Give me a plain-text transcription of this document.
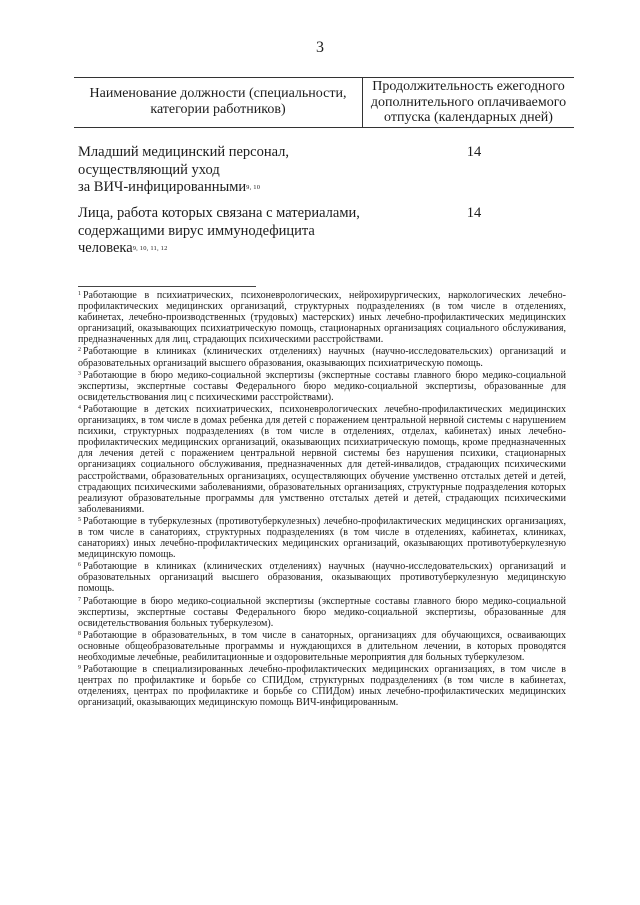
3
Наименование должности (специальности, категории работников)
Продолжительность ежегодного дополнительного оплачиваемого отпуска (календарных дней)
Младший медицинский персонал,
осуществляющий уход
за ВИЧ-инфицированными9, 10
14
Лица, работа которых связана с материалами,
содержащими вирус иммунодефицита
человека9, 10, 11, 12
14

$^1$ Работающие в психиатрических, психоневрологических, нейрохирургических, наркологических лечебно-профилактических медицинских организаций, структурных подразделениях (в том числе в отделениях, кабинетах, лечебно-производственных (трудовых) мастерских) иных лечебно-профилактических медицинских организаций, оказывающих психиатрическую помощь, стационарных организациях социального обслуживания, предназначенных для лиц, страдающих психическими расстройствами.

$^2$ Работающие в клиниках (клинических отделениях) научных (научно-исследовательских) организаций и образовательных организаций высшего образования, оказывающих психиатрическую помощь.

$^3$ Работающие в бюро медико-социальной экспертизы (экспертные составы главного бюро медико-социальной экспертизы, экспертные составы Федерального бюро медико-социальной экспертизы, образованные для освидетельствования лиц с психическими расстройствами).

$^4$ Работающие в детских психиатрических, психоневрологических лечебно-профилактических медицинских организациях, в том числе в домах ребенка для детей с поражением центральной нервной системы с нарушением психики, структурных подразделениях (в том числе в отделениях, отделах, кабинетах) иных лечебно-профилактических медицинских организаций, оказывающих психиатрическую помощь, кроме предназначенных для лечения детей с поражением центральной нервной системы без нарушения психики, стационарных организациях социального обслуживания, предназначенных для детей-инвалидов, страдающих психическими расстройствами, образовательных организациях, осуществляющих обучение умственно отсталых детей и детей, страдающих психическими заболеваниями, образовательных организациях, структурные подразделения которых реализуют образовательные программы для умственно отсталых детей и детей, страдающих психическими заболеваниями.

$^5$ Работающие в туберкулезных (противотуберкулезных) лечебно-профилактических медицинских организациях, в том числе в санаториях, структурных подразделениях (в том числе в отделениях, кабинетах, клиниках, санаториях) иных лечебно-профилактических медицинских организаций, оказывающих противотуберкулезную медицинскую помощь.

$^6$ Работающие в клиниках (клинических отделениях) научных (научно-исследовательских) организаций и образовательных организаций высшего образования, оказывающих противотуберкулезную медицинскую помощь.

$^7$ Работающие в бюро медико-социальной экспертизы (экспертные составы главного бюро медико-социальной экспертизы, экспертные составы Федерального бюро медико-социальной экспертизы, образованные для освидетельствования больных туберкулезом).

$^8$ Работающие в образовательных, в том числе в санаторных, организациях для обучающихся, осваивающих основные общеобразовательные программы и нуждающихся в длительном лечении, в которых проводятся необходимые лечебные, реабилитационные и оздоровительные мероприятия для больных туберкулезом.

$^9$ Работающие в специализированных лечебно-профилактических медицинских организациях, в том числе в центрах по профилактике и борьбе со СПИДом, структурных подразделениях (в том числе в кабинетах, отделениях, центрах по профилактике и борьбе со СПИДом) иных лечебно-профилактических медицинских организаций, оказывающих медицинскую помощь ВИЧ-инфицированным.
